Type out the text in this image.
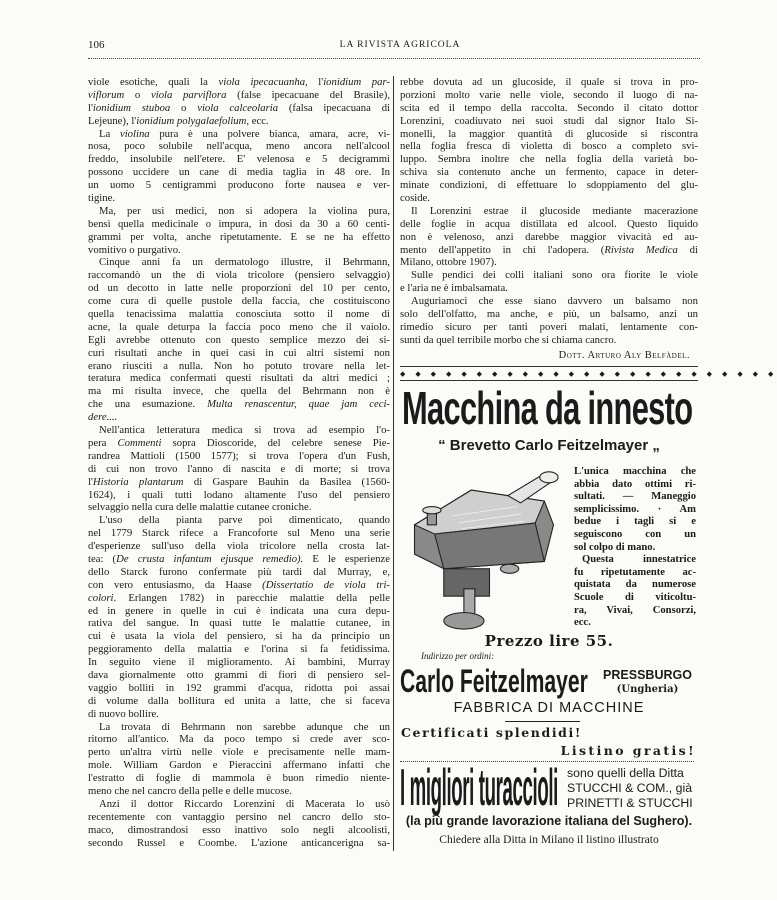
106	LA RIVISTA AGRICOLA
viole esotiche, quali la viola ipecacuanha, l'ionidium par-
viflorum o viola parviflora (false ipecacuane del Brasile),
l'ionidium stuboa o viola calceolaria (falsa ipecacuana di
Lejeune), l'ionidium polygalaefolium, ecc.
La violina pura è una polvere bianca, amara, acre, vi-
nosa, poco solubile nell'acqua, meno ancora nell'alcool
freddo, insolubile nell'etere. E' velenosa e 5 decigrammi
possono uccidere un cane di media taglia in 48 ore. In
un uomo 5 centigrammi producono forte nausea e ver-
tigine.
Ma, per usi medici, non si adopera la violina pura,
bensì quella medicinale o impura, in dosi da 30 a 60 centi-
grammi per volta, anche ripetutamente. E se ne ha effetto
vomitivo o purgativo.
Cinque anni fa un dermatologo illustre, il Behrmann,
raccomandò un the di viola tricolore (pensiero selvaggio)
od un decotto in latte nelle proporzioni del 10 per cento,
come cura di quelle pustole della faccia, che costituiscono
quella tenacissima malattia conosciuta sotto il nome di
acne, la quale deturpa la faccia poco meno che il vaiolo.
Egli avrebbe ottenuto con questo semplice mezzo dei si-
curi risultati anche in quei casi in cui altri sistemi non
erano riusciti a nulla. Non ho potuto trovare nella let-
teratura medica confermati questi risultati da altri medici ;
ma mi risulta invece, che quella del Behrmann non è
che una esumazione. Multa renascentur, quae jam ceci-
dere....
Nell'antica letteratura medica si trova ad esempio l'o-
pera Commenti sopra Dioscoride, del celebre senese Pie-
randrea Mattioli (1500 1577); si trova l'opera d'un Fush,
di cui non trovo l'anno di nascita e di morte; si trova
l'Historia plantarum di Gaspare Bauhin da Basilea (1560-
1624), i quali tutti lodano altamente l'uso del pensiero
selvaggio nella cura delle malattie cutanee croniche.
L'uso della pianta parve poi dimenticato, quando
nel 1779 Starck rifece a Francoforte sul Meno una serie
d'esperienze sull'uso della viola tricolore nella crosta lat-
tea: (De crusta infantum ejusque remedio). E le esperienze
dello Starck furono confermate più tardi dal Murray, e,
con vero entusiasmo, da Haase (Dissertatio de viola tri-
colori. Erlangen 1782) in parecchie malattie della pelle
ed in genere in quelle in cui è indicata una cura depu-
rativa del sangue. In quasi tutte le malattie cutanee, in
cui è usata la viola del pensiero, si ha da principio un
peggioramento della malattia e l'orina si fa fetidissima.
In seguito viene il miglioramento. Ai bambini, Murray
dava giornalmente otto grammi di fiori di pensiero sel-
vaggio bolliti in 192 grammi d'acqua, ridotta poi assai
di volume dalla bollitura ed unita a latte, che si faceva
di nuovo bollire.
La trovata di Behrmann non sarebbe adunque che un
ritorno all'antico. Ma da poco tempo si crede aver sco-
perto un'altra virtù nelle viole e precisamente nelle mam-
mole. William Gardon e Pieraccini affermano infatti che
l'estratto di foglie di mammola è buon rimedio niente-
meno che nel cancro della pelle e delle mucose.
Anzi il dottor Riccardo Lorenzini di Macerata lo usò
recentemente con vantaggio persino nel cancro dello sto-
maco, dimostrandosi esso inattivo solo negli alcoolisti,
secondo Russel e Coombe. L'azione anticancerigna sa-
rebbe dovuta ad un glucoside, il quale si trova in pro-
porzioni molto varie nelle viole, secondo il luogo di na-
scita ed il tempo della raccolta. Secondo il citato dottor
Lorenzini, coadiuvato nei suoi studi dal signor Italo Si-
monelli, la maggior quantità di glucoside si riscontra
nella foglia fresca di violetta di bosco a completo svi-
luppo. Sembra inoltre che nella foglia della varietà bo-
schiva sia contenuto anche un fermento, capace in deter-
minate condizioni, di effettuare lo sdoppiamento del glu-
coside.
Il Lorenzini estrae il glucoside mediante macerazione
delle foglie in acqua distillata ed alcool. Questo liquido
non è velenoso, anzi darebbe maggior vivacità ed au-
mento dell'appetito in chi l'adopera. (Rivista Medica di
Milano, ottobre 1907).
Sulle pendici dei colli italiani sono ora fiorite le viole
e l'aria ne è imbalsamata.
Auguriamoci che esse siano davvero un balsamo non
solo dell'olfatto, ma anche, e più, un balsamo, anzi un
rimedio sicuro per tanti poveri malati, lentamente con-
sunti da quel terribile morbo che si chiama cancro.
Dott. Arturo Aly Belfàdel.
◆ ◆ ◆ ◆ ◆ ◆ ◆ ◆ ◆ ◆ ◆ ◆ ◆ ◆ ◆ ◆ ◆ ◆ ◆ ◆ ◆ ◆ ◆ ◆ ◆
Macchina da innesto
“ Brevetto Carlo Feitzelmayer „
L'unica macchina che
abbia dato ottimi ri-
sultati. — Maneggio
semplicissimo. · Am
bedue i tagli si e
seguiscono con un
sol colpo di mano.
Questa innestatrice
fu ripetutamente ac-
quistata da numerose
Scuole di viticoltu-
ra, Vivai, Consorzi,
ecc.
Prezzo lire 55.
Indirizzo per ordini:
Carlo Feitzelmayer PRESSBURGO
(Ungheria)
FABBRICA DI MACCHINE
Certificati splendidi!
Listino gratis!
I migliori turaccioli sono quelli della Ditta
STUCCHI & COM., già
PRINETTI & STUCCHI
(la più grande lavorazione italiana del Sughero).
Chiedere alla Ditta in Milano il listino illustrato
